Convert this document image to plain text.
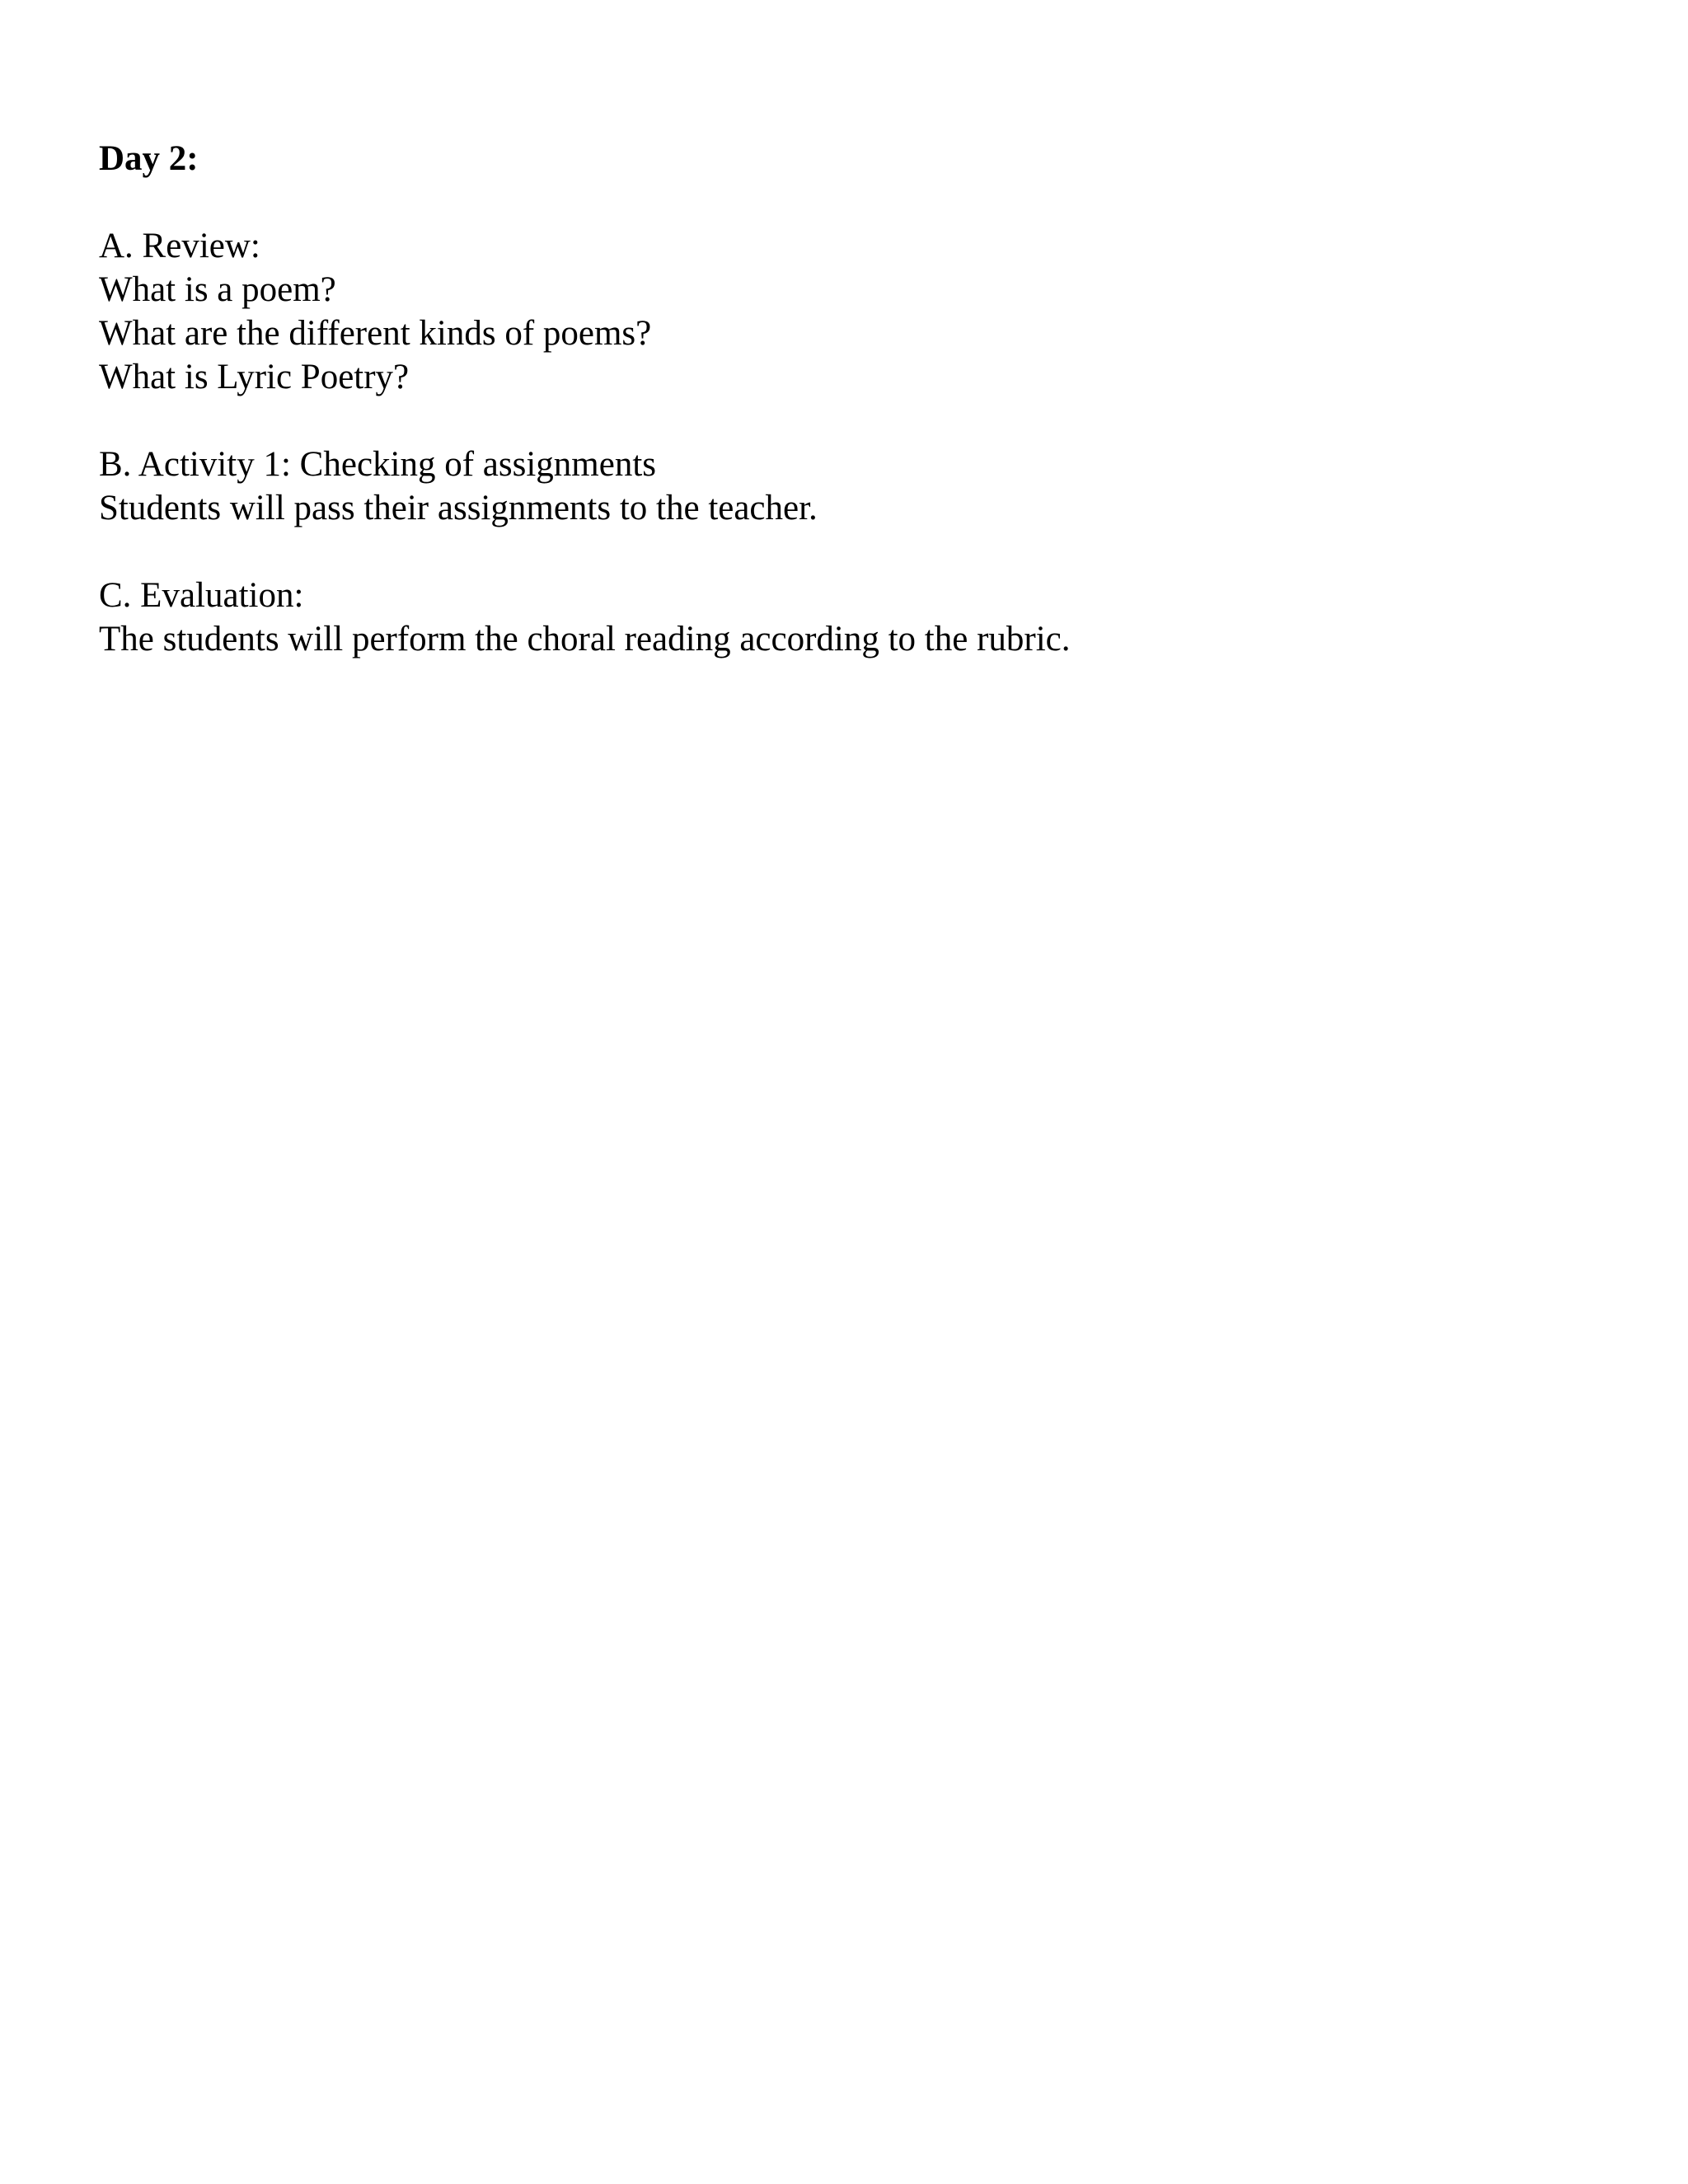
Day 2:
A. Review:
What is a poem?
What are the different kinds of poems?
What is Lyric Poetry?
B. Activity 1: Checking of assignments
Students will pass their assignments to the teacher.
C. Evaluation:
The students will perform the choral reading according to the rubric.
